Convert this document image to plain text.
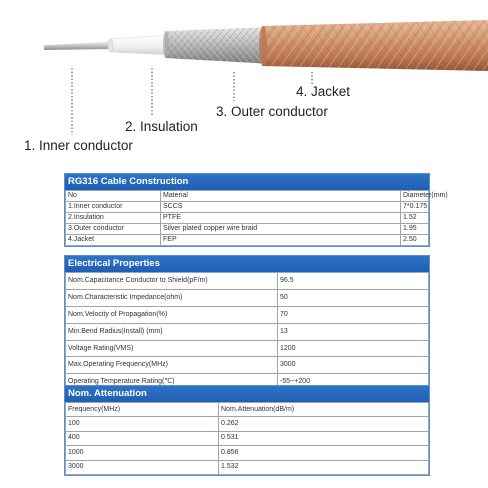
1. Inner conductor
2. Insulation
3. Outer conductor
4. Jacket
RG316 Cable Construction
No	Material	Diameter(mm)
1.Inner conductor	SCCS	7*0.175
2.Insulation	PTFE	1.52
3.Outer conductor	Silver plated copper wire braid	1.95
4.Jacket	FEP	2.50
Electrical Properties
Nom.Capacitance Conductor to Shield(pF/m)	96.5
Nom.Characteristic Impedance(ohm)	50
Nom.Velocity of Propagation(%)	70
Min.Bend Radius(Install) (mm)	13
Voltage Rating(VMS)	1200
Max.Operating Frequency(MHz)	3000
Operating Temperature Rating(℃)	-55~+200
Nom. Attenuation
Frequency(MHz)	Nom.Attenuation(dB/m)
100	0.262
400	0.531
1000	0.856
3000	1.532
